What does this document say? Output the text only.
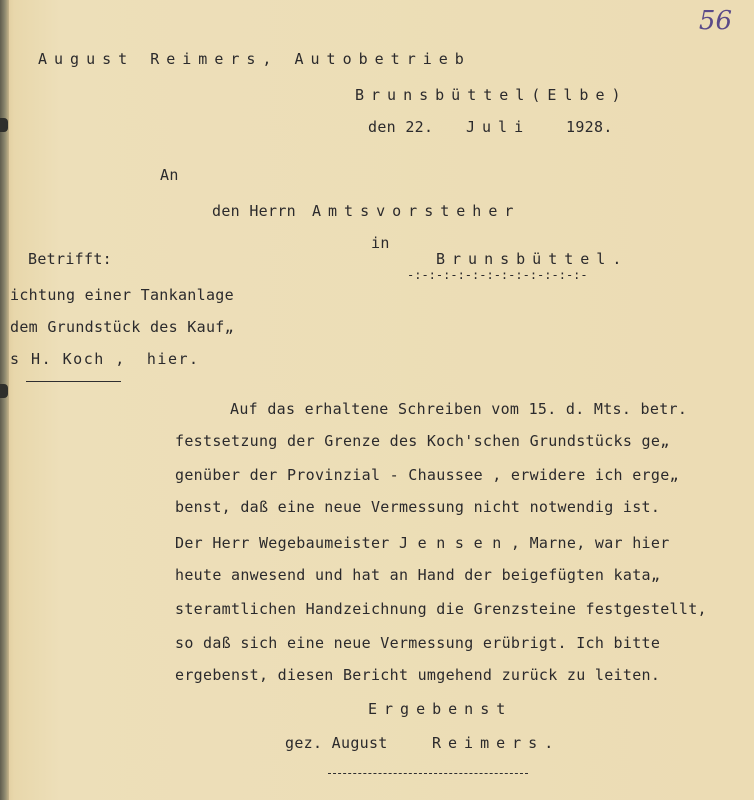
56
August Reimers, Autobetrieb
Brunsbüttel(Elbe)
den 22. Juli 1928.
An
den Herrn Amtsvorsteher
in
Brunsbüttel.
-:-:-:-:-:-:-:-:-:-:-:-:-
Betrifft:
ichtung einer Tankanlage
dem Grundstück des Kauf„
s H. Koch ,  hier.
Auf das erhaltene Schreiben vom 15. d. Mts. betr.
festsetzung der Grenze des Koch'schen Grundstücks ge„
genüber der Provinzial - Chaussee , erwidere ich erge„
benst, daß eine neue Vermessung nicht notwendig ist.
Der Herr Wegebaumeister J e n s e n , Marne, war hier
heute anwesend und hat an Hand der beigefügten kata„
steramtlichen Handzeichnung die Grenzsteine festgestellt,
so daß sich eine neue Vermessung erübrigt. Ich bitte
ergebenst, diesen Bericht umgehend zurück zu leiten.
Ergebenst
gez. August	Reimers.
